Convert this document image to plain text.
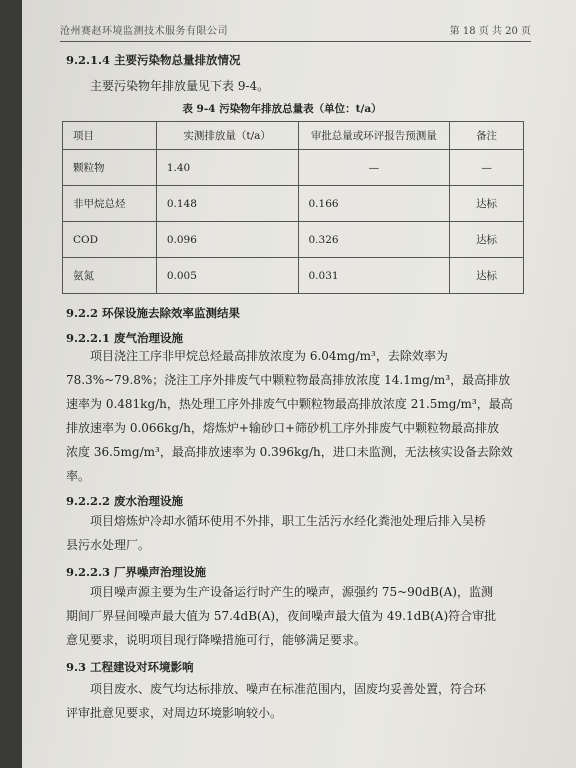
沧州赛赵环境监测技术服务有限公司	第 18 页 共 20 页
9.2.1.4 主要污染物总量排放情况
主要污染物年排放量见下表 9-4。
表 9-4 污染物年排放总量表（单位：t/a）
项目	实测排放量（t/a）	审批总量或环评报告预测量	备注
颗粒物	1.40	—	—
非甲烷总烃	0.148	0.166	达标
COD	0.096	0.326	达标
氨氮	0.005	0.031	达标
9.2.2 环保设施去除效率监测结果
9.2.2.1 废气治理设施
项目浇注工序非甲烷总烃最高排放浓度为 6.04mg/m³，去除效率为
78.3%~79.8%；浇注工序外排废气中颗粒物最高排放浓度 14.1mg/m³，最高排放
速率为 0.481kg/h，热处理工序外排废气中颗粒物最高排放浓度 21.5mg/m³，最高
排放速率为 0.066kg/h，熔炼炉+输砂口+筛砂机工序外排废气中颗粒物最高排放
浓度 36.5mg/m³，最高排放速率为 0.396kg/h，进口未监测，无法核实设备去除效
率。
9.2.2.2 废水治理设施
项目熔炼炉冷却水循环使用不外排，职工生活污水经化粪池处理后排入吴桥
县污水处理厂。
9.2.2.3 厂界噪声治理设施
项目噪声源主要为生产设备运行时产生的噪声，源强约 75~90dB(A)，监测
期间厂界昼间噪声最大值为 57.4dB(A)，夜间噪声最大值为 49.1dB(A)符合审批
意见要求，说明项目现行降噪措施可行，能够满足要求。
9.3 工程建设对环境影响
项目废水、废气均达标排放、噪声在标准范围内，固废均妥善处置，符合环
评审批意见要求，对周边环境影响较小。
